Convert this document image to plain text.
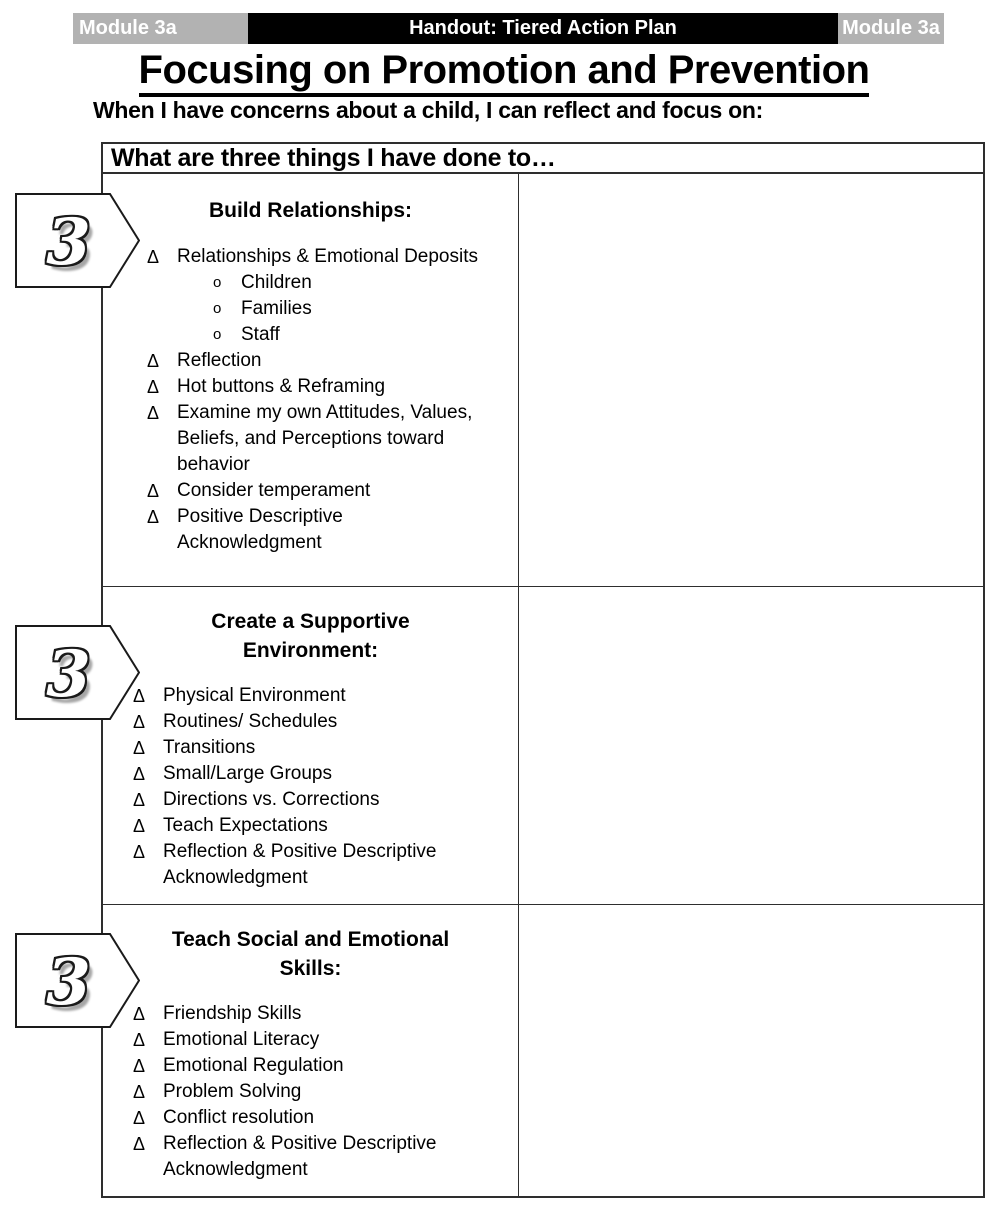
Module 3a	Handout: Tiered Action Plan	Module 3a
Focusing on Promotion and Prevention
When I have concerns about a child, I can reflect and focus on:
What are three things I have done to…
Build Relationships:
Δ Relationships & Emotional Deposits
o	Children
o	Families
o	Staff
Δ Reflection
Δ Hot buttons & Reframing
Δ Examine my own Attitudes, Values, Beliefs, and Perceptions toward behavior
Δ Consider temperament
Δ Positive Descriptive Acknowledgment
Create a Supportive Environment:
Δ Physical Environment
Δ Routines/ Schedules
Δ Transitions
Δ Small/Large Groups
Δ Directions vs. Corrections
Δ Teach Expectations
Δ Reflection & Positive Descriptive Acknowledgment
Teach Social and Emotional Skills:
Δ Friendship Skills
Δ Emotional Literacy
Δ Emotional Regulation
Δ Problem Solving
Δ Conflict resolution
Δ Reflection & Positive Descriptive Acknowledgment
3
3
3
